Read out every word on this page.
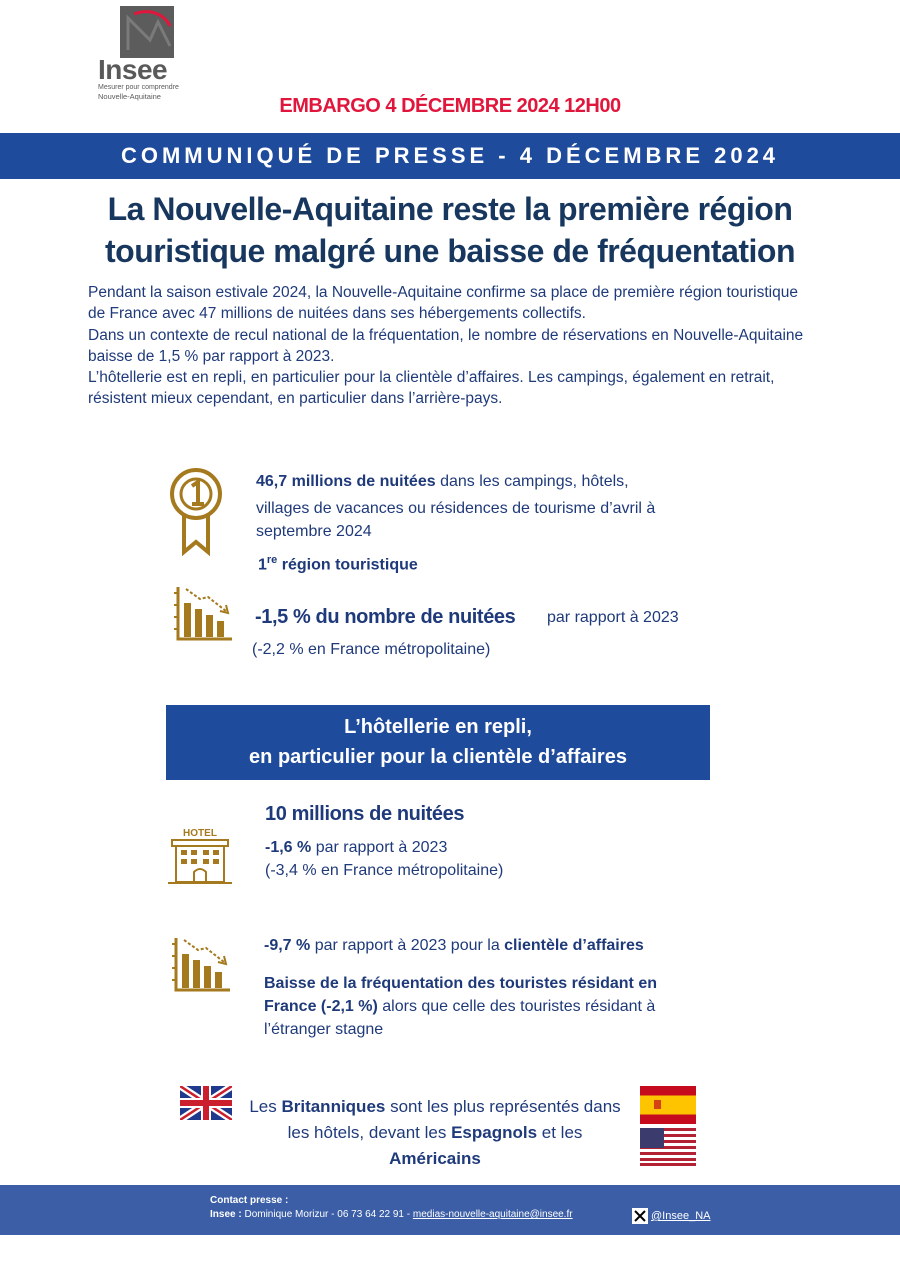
Insee
Mesurer pour comprendre
Nouvelle-Aquitaine	EMBARGO 4 DÉCEMBRE 2024 12H00
COMMUNIQUÉ DE PRESSE - 4 DÉCEMBRE 2024
La Nouvelle-Aquitaine reste la première région
touristique malgré une baisse de fréquentation

Pendant la saison estivale 2024, la Nouvelle-Aquitaine confirme sa place de première région touristique de France avec 47 millions de nuitées dans ses hébergements collectifs.

Dans un contexte de recul national de la fréquentation, le nombre de réservations en Nouvelle-Aquitaine baisse de 1,5 % par rapport à 2023.

L’hôtellerie est en repli, en particulier pour la clientèle d’affaires. Les campings, également en retrait, résistent mieux cependant, en particulier dans l’arrière-pays.

46,7 millions de nuitées dans les campings, hôtels,
villages de vacances ou résidences de tourisme d’avril à
septembre 2024
1re région touristique
-1,5 % du nombre de nuitées par rapport à 2023
(-2,2 % en France métropolitaine)
L’hôtellerie en repli,
en particulier pour la clientèle d’affaires
HOTEL
10 millions de nuitées
-1,6 % par rapport à 2023
(-3,4 % en France métropolitaine)
-9,7 % par rapport à 2023 pour la clientèle d’affaires
Baisse de la fréquentation des touristes résidant en France (-2,1 %) alors que celle des touristes résidant à l’étranger stagne
Les Britanniques sont les plus représentés dans les hôtels, devant les Espagnols et les Américains
Contact presse :
Insee : Dominique Morizur - 06 73 64 22 91 - medias-nouvelle-aquitaine@insee.fr	@Insee_NA
